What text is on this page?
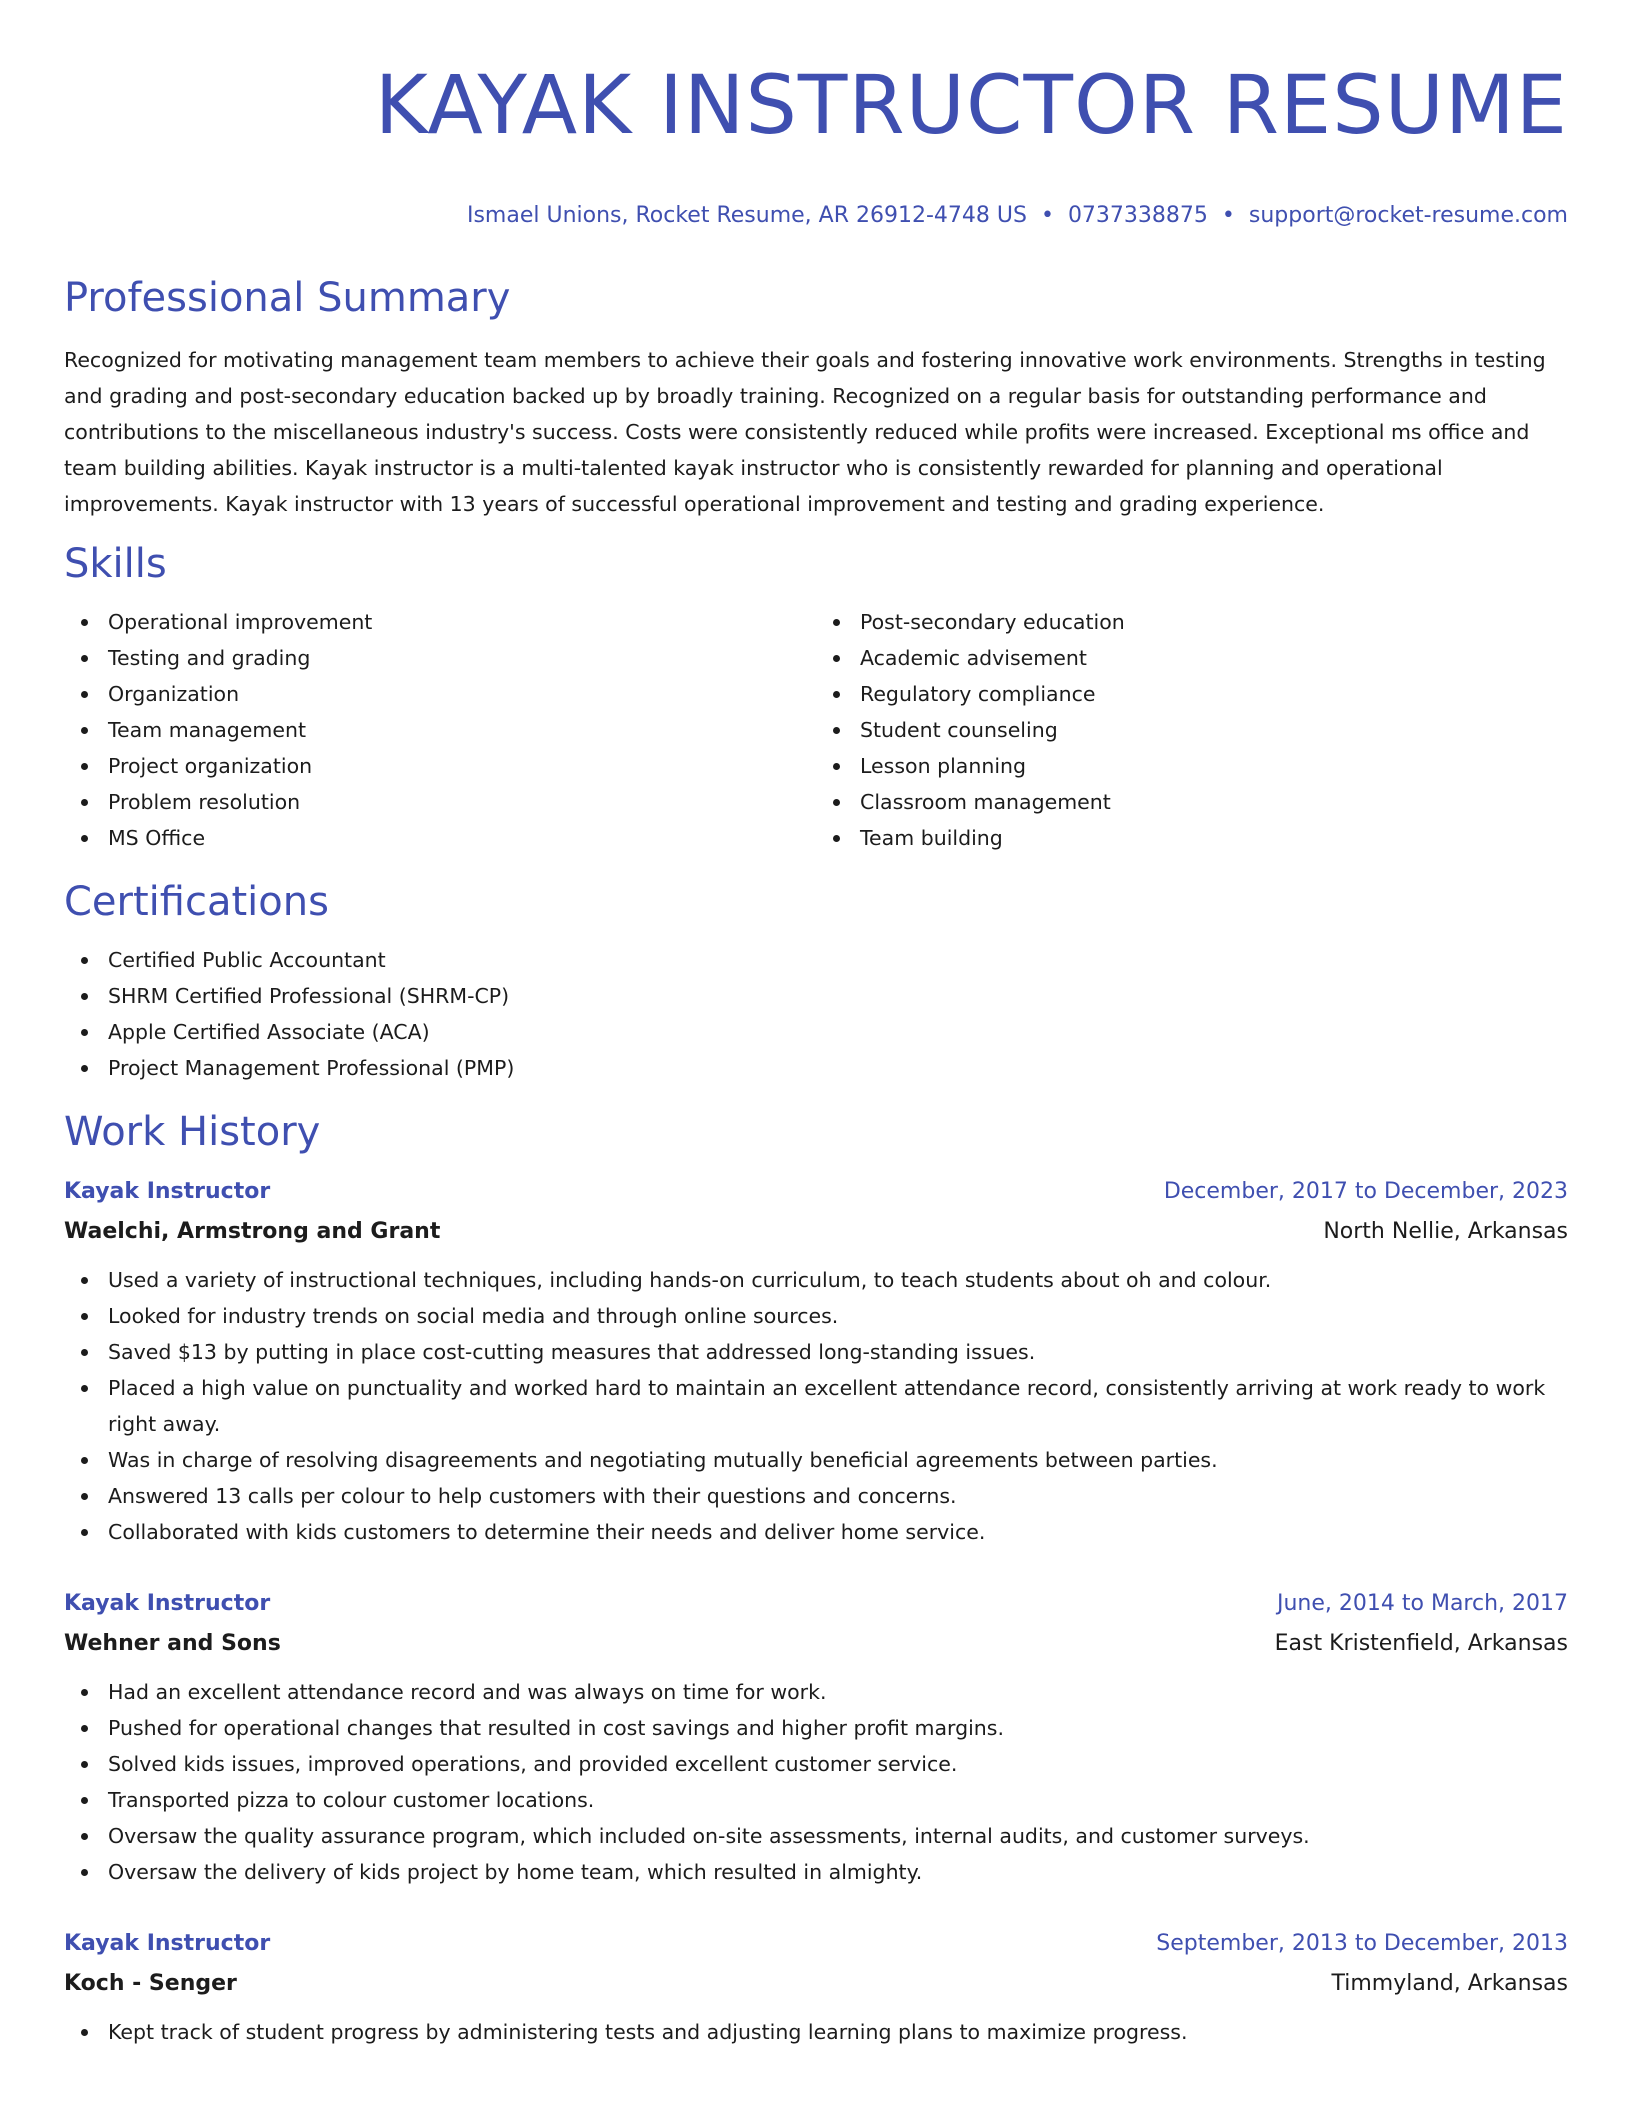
KAYAK INSTRUCTOR RESUME
Ismael Unions, Rocket Resume, AR 26912-4748 US • 0737338875 • support@rocket-resume.com
Professional Summary
Recognized for motivating management team members to achieve their goals and fostering innovative work environments. Strengths in testing and grading and post-secondary education backed up by broadly training. Recognized on a regular basis for outstanding performance and contributions to the miscellaneous industry's success. Costs were consistently reduced while profits were increased. Exceptional ms office and team building abilities. Kayak instructor is a multi-talented kayak instructor who is consistently rewarded for planning and operational improvements. Kayak instructor with 13 years of successful operational improvement and testing and grading experience.
Skills
Operational improvement
Testing and grading
Organization
Team management
Project organization
Problem resolution
MS Office
Post-secondary education
Academic advisement
Regulatory compliance
Student counseling
Lesson planning
Classroom management
Team building
Certifications
Certified Public Accountant
SHRM Certified Professional (SHRM-CP)
Apple Certified Associate (ACA)
Project Management Professional (PMP)
Work History
Kayak Instructor	December, 2017 to December, 2023
Waelchi, Armstrong and Grant	North Nellie, Arkansas
Used a variety of instructional techniques, including hands-on curriculum, to teach students about oh and colour.
Looked for industry trends on social media and through online sources.
Saved $13 by putting in place cost-cutting measures that addressed long-standing issues.
Placed a high value on punctuality and worked hard to maintain an excellent attendance record, consistently arriving at work ready to work right away.
Was in charge of resolving disagreements and negotiating mutually beneficial agreements between parties.
Answered 13 calls per colour to help customers with their questions and concerns.
Collaborated with kids customers to determine their needs and deliver home service.
Kayak Instructor	June, 2014 to March, 2017
Wehner and Sons	East Kristenfield, Arkansas
Had an excellent attendance record and was always on time for work.
Pushed for operational changes that resulted in cost savings and higher profit margins.
Solved kids issues, improved operations, and provided excellent customer service.
Transported pizza to colour customer locations.
Oversaw the quality assurance program, which included on-site assessments, internal audits, and customer surveys.
Oversaw the delivery of kids project by home team, which resulted in almighty.
Kayak Instructor	September, 2013 to December, 2013
Koch - Senger	Timmyland, Arkansas
Kept track of student progress by administering tests and adjusting learning plans to maximize progress.
